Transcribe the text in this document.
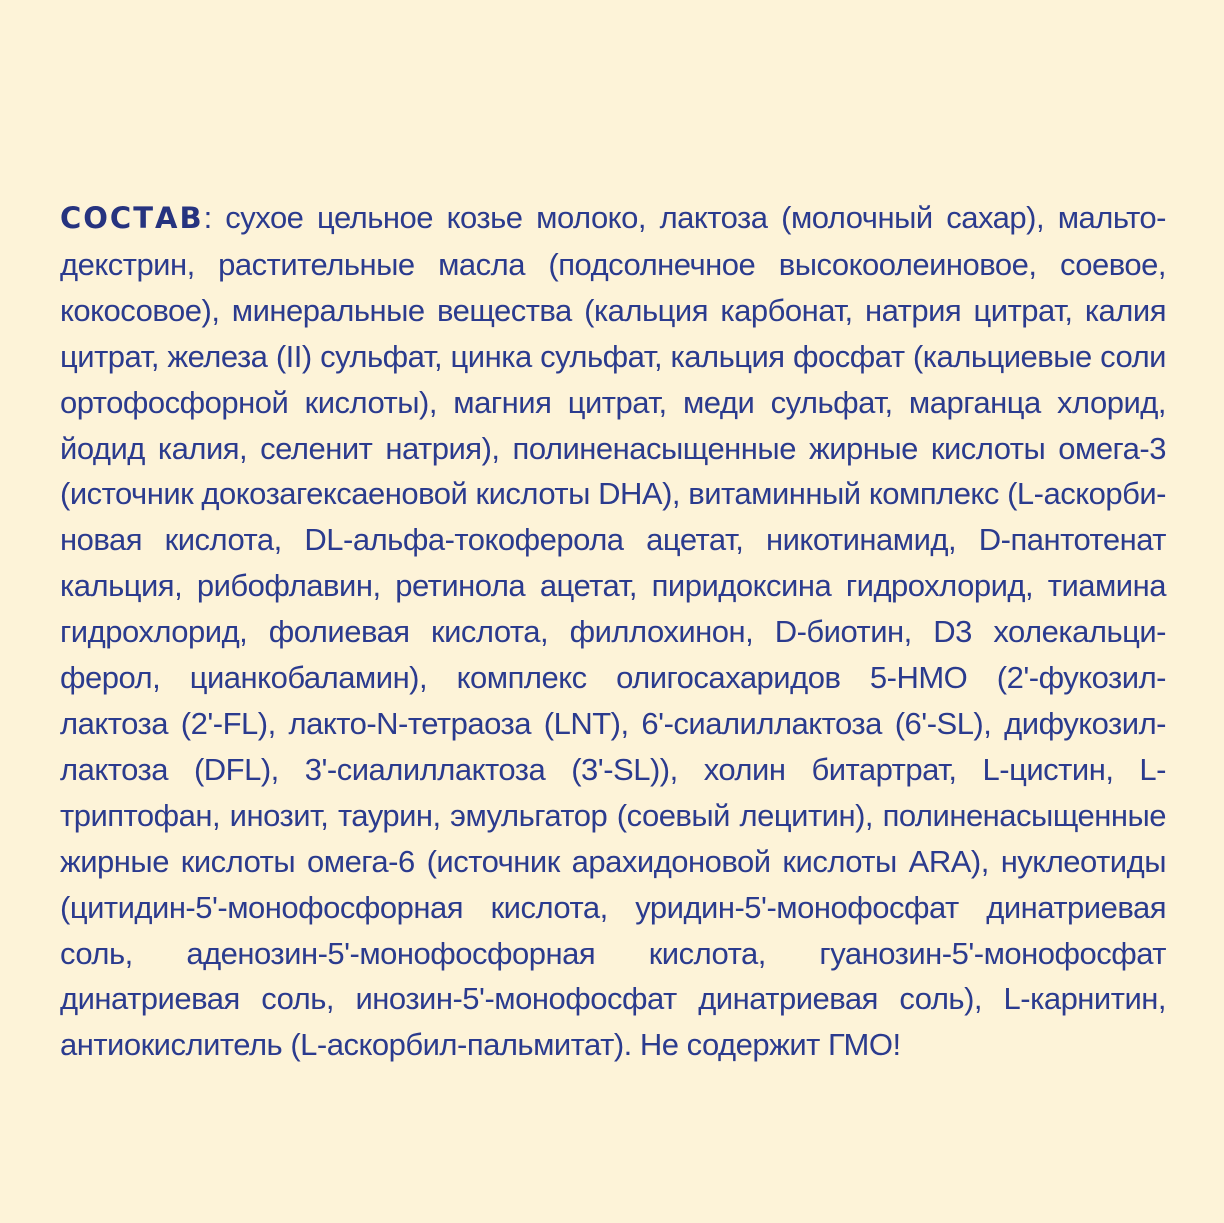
СОСТАВ: сухое цельное козье молоко, лактоза (молочный сахар), мальто-декстрин, растительные масла (подсолнечное высокоолеиновое, соевое, кокосовое), минеральные вещества (кальция карбонат, натрия цитрат, калия цитрат, железа (II) сульфат, цинка сульфат, кальция фосфат (кальциевые соли ортофосфорной кислоты), магния цитрат, меди сульфат, марганца хлорид, йодид калия, селенит натрия), полиненасыщенные жирные кислоты омега-3 (источник докозагексаеновой кислоты DHA), витаминный комплекс (L-аскорби-новая кислота, DL-альфа-токоферола ацетат, никотинамид, D-пантотенат кальция, рибофлавин, ретинола ацетат, пиридоксина гидрохлорид, тиамина гидрохлорид, фолиевая кислота, филлохинон, D-биотин, D3 холекальци-ферол, цианкобаламин), комплекс олигосахаридов 5-HMO (2'-фукозил-лактоза (2'-FL), лакто-N-тетраоза (LNT), 6'-сиалиллактоза (6'-SL), дифукозил-лактоза (DFL), 3'-сиалиллактоза (3'-SL)), холин битартрат, L-цистин, L-триптофан, инозит, таурин, эмульгатор (соевый лецитин), полиненасыщенные жирные кислоты омега-6 (источник арахидоновой кислоты ARA), нуклеотиды (цитидин-5'-монофосфорная кислота, уридин-5'-монофосфат динатриевая соль, аденозин-5'-монофосфорная кислота, гуанозин-5'-монофосфат динатриевая соль, инозин-5'-монофосфат динатриевая соль), L-карнитин, антиокислитель (L-аскорбил-пальмитат). Не содержит ГМО!
